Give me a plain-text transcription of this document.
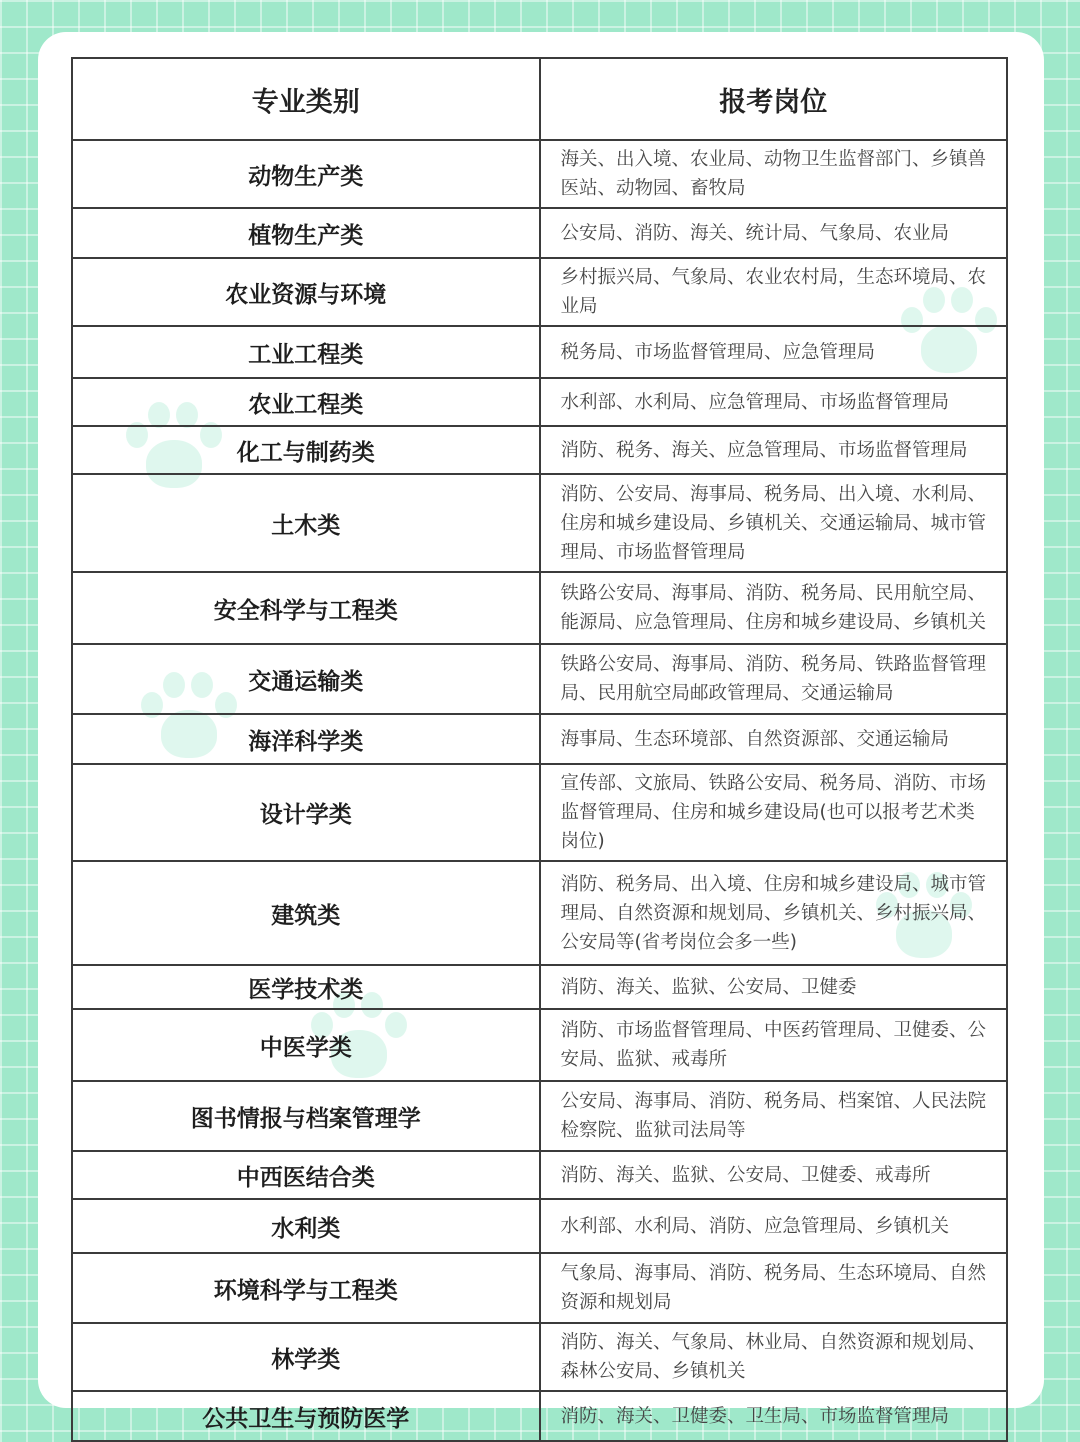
专业类别	报考岗位
动物生产类	海关、出入境、农业局、动物卫生监督部门、乡镇兽医站、动物园、畜牧局
植物生产类	公安局、消防、海关、统计局、气象局、农业局
农业资源与环境	乡村振兴局、气象局、农业农村局，生态环境局、农业局
工业工程类	税务局、市场监督管理局、应急管理局
农业工程类	水利部、水利局、应急管理局、市场监督管理局
化工与制药类	消防、税务、海关、应急管理局、市场监督管理局
土木类	消防、公安局、海事局、税务局、出入境、水利局、住房和城乡建设局、乡镇机关、交通运输局、城市管理局、市场监督管理局
安全科学与工程类	铁路公安局、海事局、消防、税务局、民用航空局、能源局、应急管理局、住房和城乡建设局、乡镇机关
交通运输类	铁路公安局、海事局、消防、税务局、铁路监督管理局、民用航空局邮政管理局、交通运输局
海洋科学类	海事局、生态环境部、自然资源部、交通运输局
设计学类	宣传部、文旅局、铁路公安局、税务局、消防、市场监督管理局、住房和城乡建设局(也可以报考艺术类岗位)
建筑类	消防、税务局、出入境、住房和城乡建设局、城市管理局、自然资源和规划局、乡镇机关、乡村振兴局、公安局等(省考岗位会多一些)
医学技术类	消防、海关、监狱、公安局、卫健委
中医学类	消防、市场监督管理局、中医药管理局、卫健委、公安局、监狱、戒毒所
图书情报与档案管理学	公安局、海事局、消防、税务局、档案馆、人民法院检察院、监狱司法局等
中西医结合类	消防、海关、监狱、公安局、卫健委、戒毒所
水利类	水利部、水利局、消防、应急管理局、乡镇机关
环境科学与工程类	气象局、海事局、消防、税务局、生态环境局、自然资源和规划局
林学类	消防、海关、气象局、林业局、自然资源和规划局、森林公安局、乡镇机关
公共卫生与预防医学	消防、海关、卫健委、卫生局、市场监督管理局
